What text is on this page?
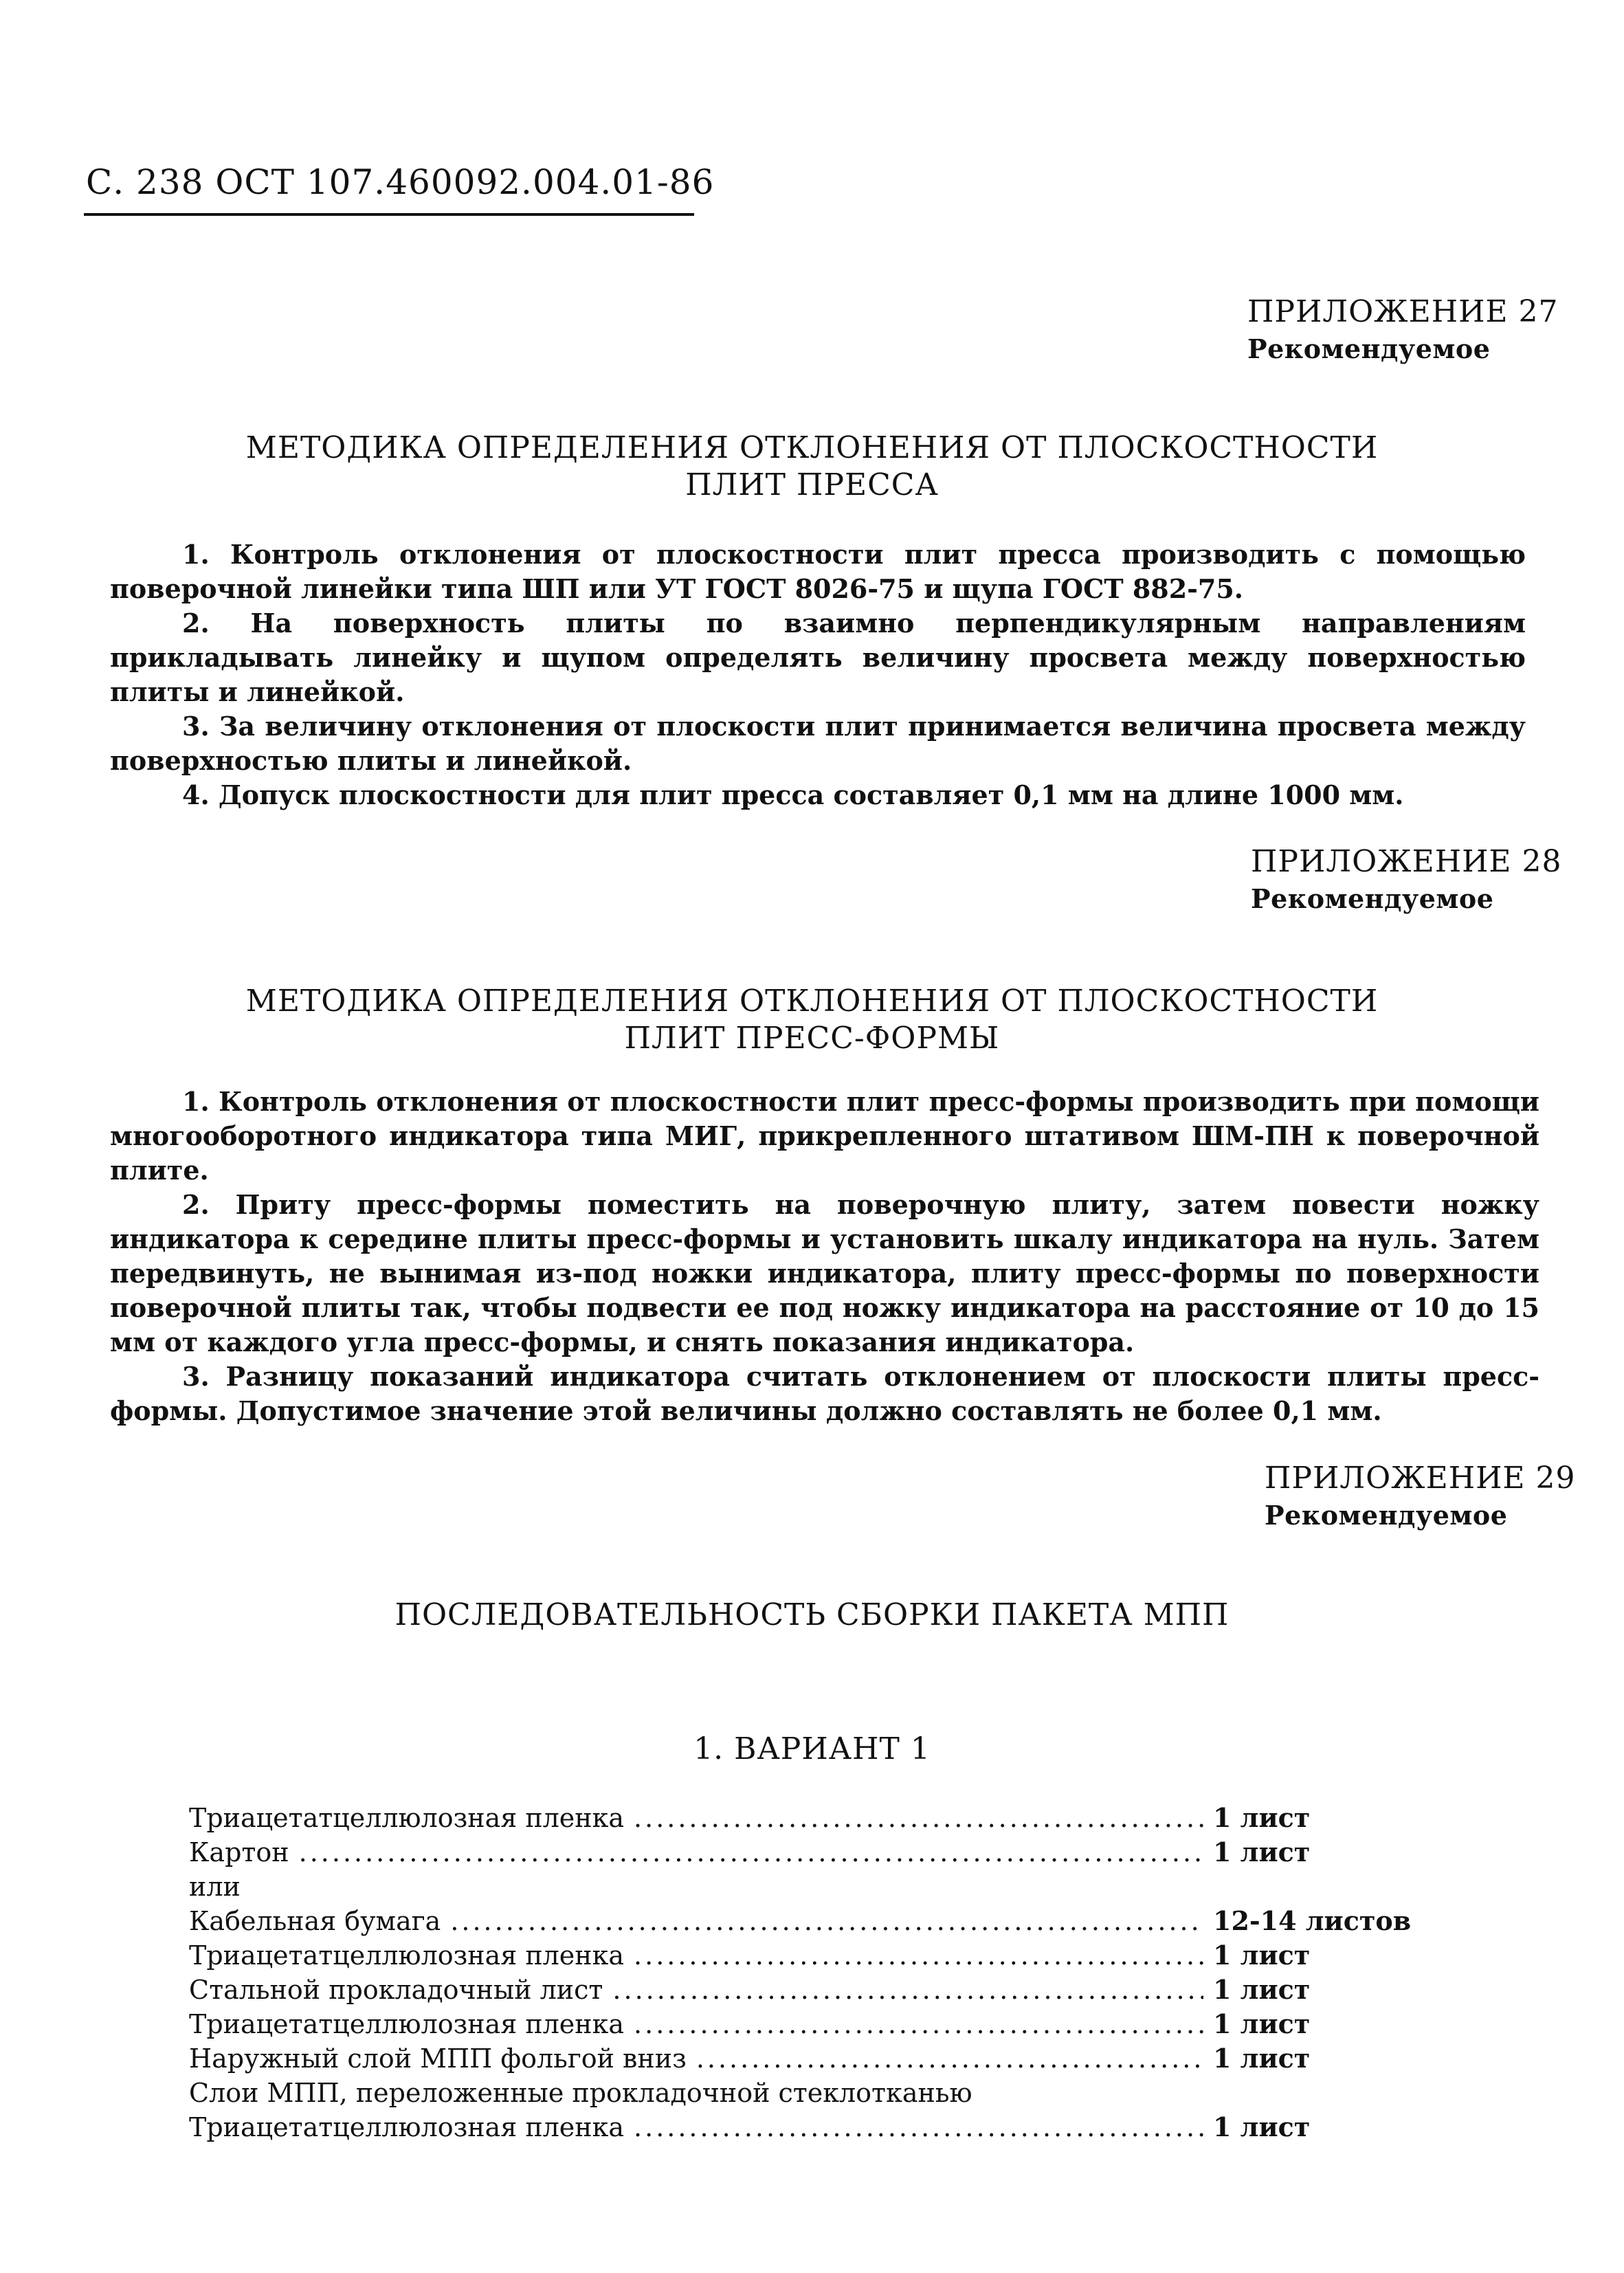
С. 238 ОСТ 107.460092.004.01-86
ПРИЛОЖЕНИЕ 27
Рекомендуемое
МЕТОДИКА ОПРЕДЕЛЕНИЯ ОТКЛОНЕНИЯ ОТ ПЛОСКОСТНОСТИ
ПЛИТ ПРЕССА

1. Контроль отклонения от плоскостности плит пресса производить с помощью поверочной линейки типа ШП или УТ ГОСТ 8026-75 и щупа ГОСТ 882-75.

2. На поверхность плиты по взаимно перпендикулярным направлениям прикладывать линейку и щупом определять величину просвета между поверхностью плиты и линейкой.

3. За величину отклонения от плоскости плит принимается величина просвета между поверхностью плиты и линейкой.

4. Допуск плоскостности для плит пресса составляет 0,1 мм на длине 1000 мм.

ПРИЛОЖЕНИЕ 28
Рекомендуемое
МЕТОДИКА ОПРЕДЕЛЕНИЯ ОТКЛОНЕНИЯ ОТ ПЛОСКОСТНОСТИ
ПЛИТ ПРЕСС-ФОРМЫ

1. Контроль отклонения от плоскостности плит пресс-формы производить при помощи многооборотного индикатора типа МИГ, прикрепленного штативом ШМ-ПН к поверочной плите.

2. Приту пресс-формы поместить на поверочную плиту, затем повести ножку индикатора к середине плиты пресс-формы и установить шкалу индикатора на нуль. Затем передвинуть, не вынимая из-под ножки индикатора, плиту пресс-формы по поверхности поверочной плиты так, чтобы подвести ее под ножку индикатора на расстояние от 10 до 15 мм от каждого угла пресс-формы, и снять показания индикатора.

3. Разницу показаний индикатора считать отклонением от плоскости плиты пресс-формы. Допустимое значение этой величины должно составлять не более 0,1 мм.

ПРИЛОЖЕНИЕ 29
Рекомендуемое
ПОСЛЕДОВАТЕЛЬНОСТЬ СБОРКИ ПАКЕТА МПП
1. ВАРИАНТ 1
Триацетатцеллюлозная пленка .....	1 лист
Картон .....	1 лист
или
Кабельная бумага .....	12-14 листов
Триацетатцеллюлозная пленка .....	1 лист
Стальной прокладочный лист .....	1 лист
Триацетатцеллюлозная пленка .....	1 лист
Наружный слой МПП фольгой вниз .....	1 лист
Слои МПП, переложенные прокладочной стеклотканью
Триацетатцеллюлозная пленка .....	1 лист
